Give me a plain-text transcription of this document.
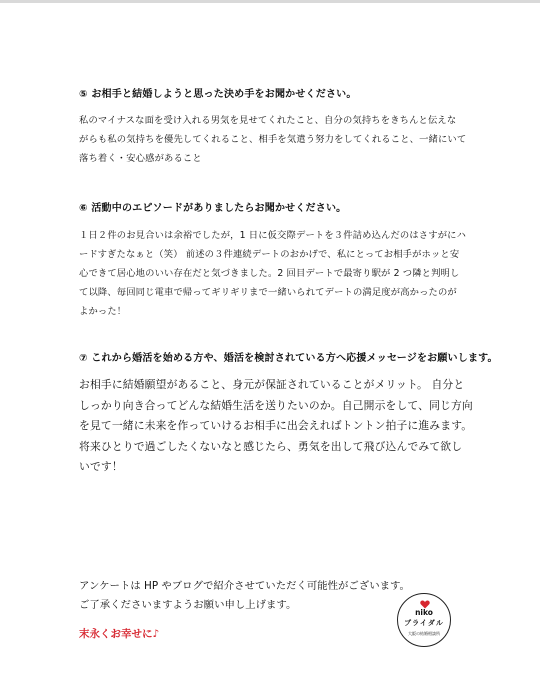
⑤ お相手と結婚しようと思った決め手をお聞かせください。
私のマイナスな面を受け入れる男気を見せてくれたこと、自分の気持ちをきちんと伝えな
がらも私の気持ちを優先してくれること、相手を気遣う努力をしてくれること、一緒にいて
落ち着く・安心感があること
⑥ 活動中のエピソードがありましたらお聞かせください。
１日２件のお見合いは余裕でしたが，1 日に仮交際デートを３件詰め込んだのはさすがにハ
ードすぎたなぁと（笑） 前述の３件連続デートのおかげで、私にとってお相手がホッと安
心できて居心地のいい存在だと気づきました。2 回目デートで最寄り駅が 2 つ隣と判明し
て以降、毎回同じ電車で帰ってギリギリまで一緒いられてデートの満足度が高かったのが
よかった！
⑦ これから婚活を始める方や、婚活を検討されている方へ応援メッセージをお願いします。
お相手に結婚願望があること、身元が保証されていることがメリット。 自分と
しっかり向き合ってどんな結婚生活を送りたいのか。自己開示をして、同じ方向
を見て一緒に未来を作っていけるお相手に出会えればトントン拍子に進みます。
将来ひとりで過ごしたくないなと感じたら、勇気を出して飛び込んでみて欲し
いです！
アンケートは HP やブログで紹介させていただく可能性がございます。
ご了承くださいますようお願い申し上げます。
末永くお幸せに♪
niko
ブライダル
大阪の結婚相談所
